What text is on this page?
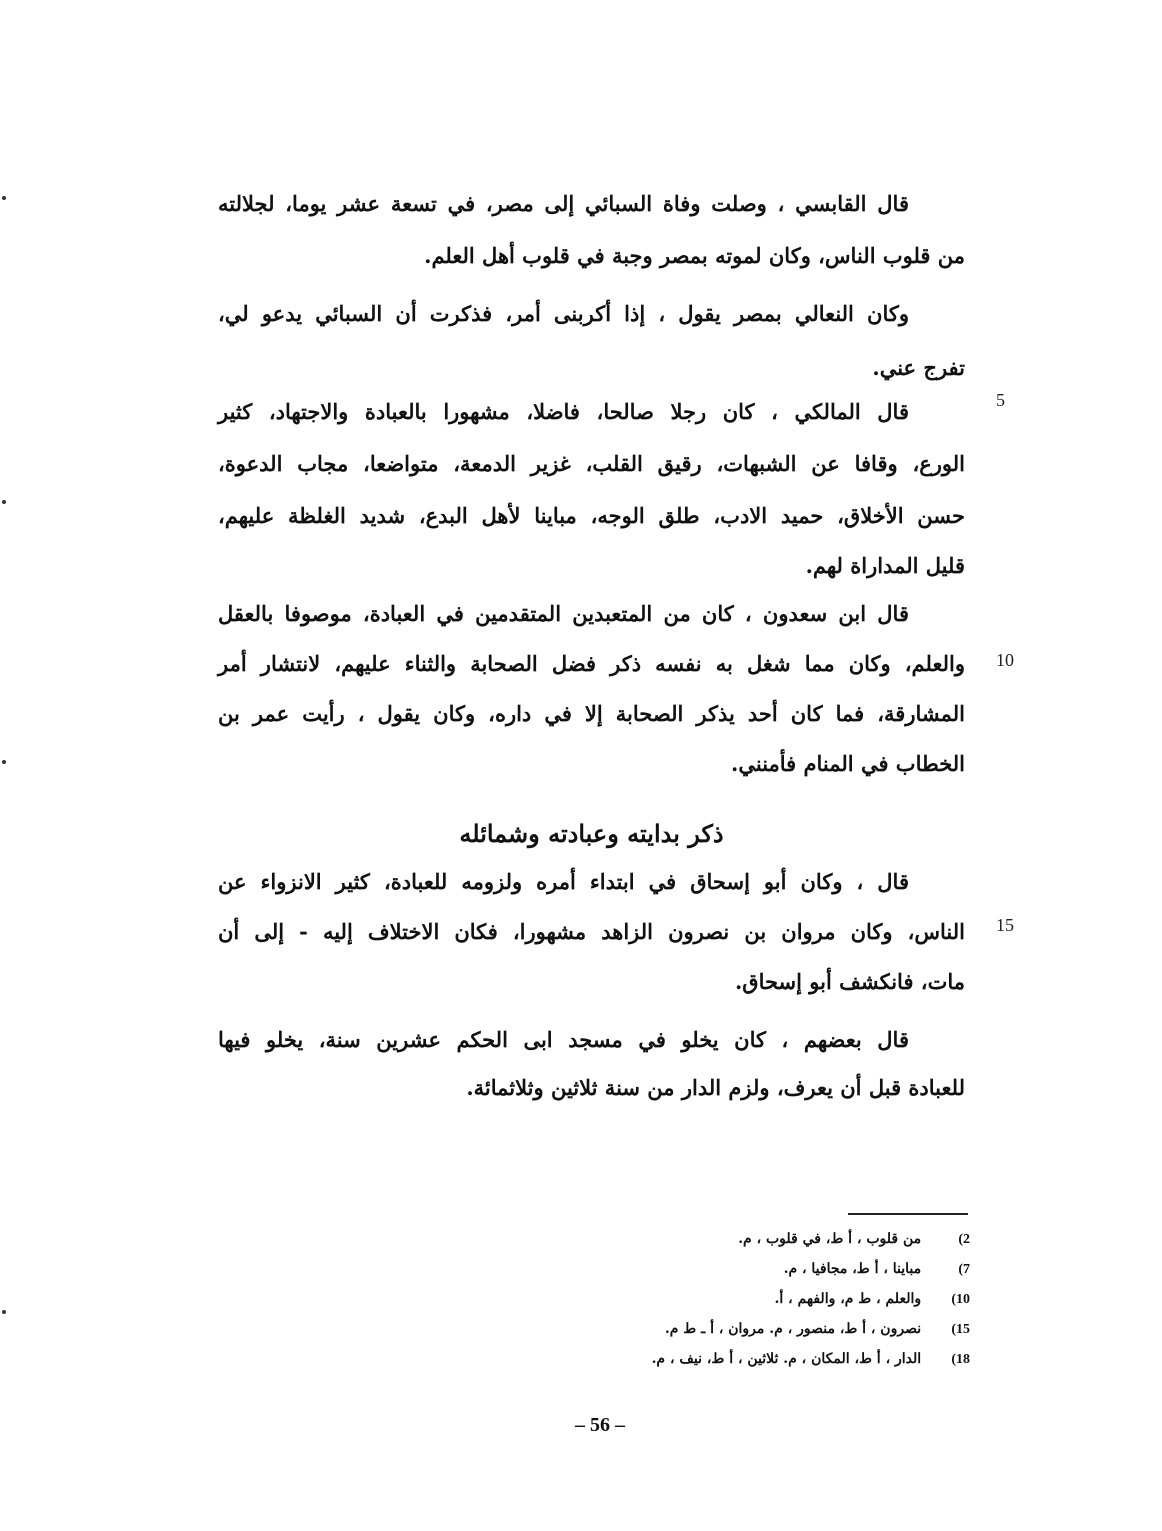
قال القابسي ، وصلت وفاة السبائي إلى مصر، في تسعة عشر يوما، لجلالته
من قلوب الناس، وكان لموته بمصر وجبة في قلوب أهل العلم.
وكان النعالي بمصر يقول ، إذا أكربنى أمر، فذكرت أن السبائي يدعو لي،
تفرج عني.
قال المالكي ، كان رجلا صالحا، فاضلا، مشهورا بالعبادة والاجتهاد، كثير
الورع، وقافا عن الشبهات، رقيق القلب، غزير الدمعة، متواضعا، مجاب الدعوة،
حسن الأخلاق، حميد الادب، طلق الوجه، مباينا لأهل البدع، شديد الغلظة عليهم،
قليل المداراة لهم.
قال ابن سعدون ، كان من المتعبدين المتقدمين في العبادة، موصوفا بالعقل
والعلم، وكان مما شغل به نفسه ذكر فضل الصحابة والثناء عليهم، لانتشار أمر
المشارقة، فما كان أحد يذكر الصحابة إلا في داره، وكان يقول ، رأيت عمر بن
الخطاب في المنام فأمنني.
5
10
15
ذكر بدايته وعبادته وشمائله
قال ، وكان أبو إسحاق في ابتداء أمره ولزومه للعبادة، كثير الانزواء عن
الناس، وكان مروان بن نصرون الزاهد مشهورا، فكان الاختلاف إليه - إلى أن
مات، فانكشف أبو إسحاق.
قال بعضهم ، كان يخلو في مسجد ابى الحكم عشرين سنة، يخلو فيها
للعبادة قبل أن يعرف، ولزم الدار من سنة ثلاثين وثلاثمائة.
2) من قلوب ، أ ط، في قلوب ، م.
7) مباينا ، أ ط، مجافيا ، م.
10) والعلم ، ط م، والفهم ، أ.
15) نصرون ، أ ط، منصور ، م. مروان ، أ ـ ط م.
18) الدار ، أ ط، المكان ، م. ثلاثين ، أ ط، نيف ، م.
– 56 –
